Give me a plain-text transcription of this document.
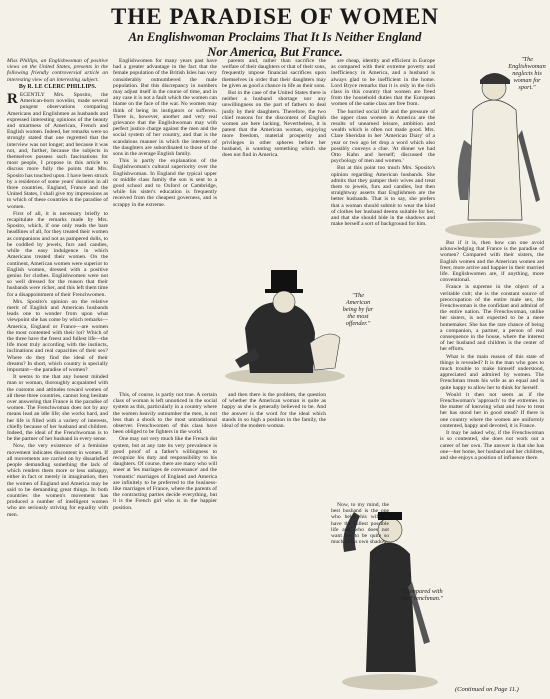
THE PARADISE OF WOMEN
An Englishwoman Proclaims That It Is Neither England
Nor America, But France.

Miss Phillips, an Englishwoman of positive views on the United States, presents in the following friendly controversial article an interesting view of an interesting subject.

By R. LE CLERC PHILLIPS.

RECENTLY Mrs. Sposito, the American-born novelist, made several pungent observations comparing Americans and Englishmen as husbands and expressed interesting opinions of the beauty and smartness of American, French and English women. Indeed, her remarks were so strongly stated that one regretted that the interview was not longer; and because it was not, and, further, because the subjects in themselves possess such fascinations for most people, I propose in this article to discuss more fully the points that Mrs. Sposito has touched upon. I have been struck by a residence of some years' duration in all three countries, England, France and the United States, I shall give my impressions as to which of these countries is the paradise of women.

First of all, it is necessary briefly to recapitulate the remarks made by Mrs. Sposito, which, if one only reads the bare headlines of all, for they treated their women as companions and not as pampered dolls, to be coddled by jewels, furs and candies, while the easy indulgence in which Americans treated their women. On the continent, American women were superior to English women, dressed with a positive genius for clothes. Englishwomen were not so well dressed for the reason that their husbands were richer, and this left them time for a disappointment of their Frenchwomen.

Mrs. Sposito's opinion on the relative merit of English and American husbands leads one to wonder from upon what viewpoint she has come by which remarks—America, England or France—are women the most contented with their lot? Which of the three have the freest and fullest life—the life most truly according with the instincts, inclinations and real capacities of their sex? Where do they find the ideal of their dreams? In short, which country is specially important—the paradise of women?

It seems to me that any honest minded man or woman, thoroughly acquainted with the customs and attitudes toward women of all these three countries, cannot long hesitate over answering that France is the paradise of women. The Frenchwoman does not by any means lead an idle life; she works hard, and her life is filled with a variety of interests, chiefly because of her husband and children. Indeed, the ideal of the Frenchwoman is to be the partner of her husband in every sense.

Now, the very existence of a feminine movement indicates discontent in women. If all movements are carried on by dissatisfied people demanding something the lack of which renders them more or less unhappy, either in fact or merely in imagination, then the women of England and America may be said to be demanding great things. In both countries the women's movement has produced a number of intelligent women who are seriously striving for equality with men.

Englishwomen for many years past have had a greater advantage in the fact that the female population of the British Isles has very considerably outnumbered the male population. But this discrepancy in numbers may adjust itself in the course of time, and in any case it is not a fault which the women can blame on the face of the war. No women may think of being its instigators or sufferers. There is, however, another and very real grievance that the Englishwoman may with perfect justice charge against the men and the social system of her country, and that is the scandalous manner in which the interests of the daughters are subordinated to those of the sons in the average English family.

This is partly the explanation of the Englishwoman's cultural superiority over the Englishwoman. In England the typical upper or middle class family the son is sent to a good school and to Oxford or Cambridge, while his sister's education is frequently received from the cheapest governess, and is scrappy in the extreme.

parents and, rather than sacrifice the welfare of their daughters or that of their sons, frequently impose financial sacrifices upon themselves in order that their daughters may be given as good a chance in life as their sons.

But in the case of the United States there is neither a husband shortage nor any unwillingness on the part of fathers to deal justly by their daughters. Therefore, the two chief reasons for the discontent of English women are here lacking. Nevertheless, it is patent that the American woman, enjoying more freedom, material prosperity and privileges in other spheres before her husband, is wanting something which she does not find in America.

"The American being by far the most offender."

This, of course, is partly not true. A certain class of woman is left unnoticed in the social system as this, particularly in a country where the women heavily outnumber the men, is not less than a shock to the most untraditional observer. Frenchwomen of this class have been obliged to be fighters in the world.

One may not very much like the French dot system, but at any rate its very prevalence is good proof of a father's willingness to recognize his duty and responsibility to his daughters. Of course, there are many who will sneer at 'les mariages de convenance' and the 'romantic' marriages of England and America are infinitely to be preferred to the business-like marriages of France, where the parents of the contracting parties decide everything, but it is the French girl who is in the happier position.

and then there is the problem, the question of whether the American woman is quite as happy as she is generally believed to be. And the answer is the word for the ideal which stands in so high a position in the family, the ideal of the modern woman.

are cheap, identity and efficient in Europe as compared with their extreme poverty and inefficiency in America, and a husband is always glad to be inefficient in the home. Lord Bryce remarks that it is only in the rich class in this country that women are freed from the household duties that the European women of the same class are free from.

The hurried social life and the pressure of the upper class women in America are the results of unearned leisure, ambition and wealth which is often not made good. Mrs. Clare Sheridan in her 'American Diary' of a year or two ago let drop a word which also possibly conveys a clue. 'At dinner we had Otto Kahn and herself; discussed the psychology of men and women.'

But at this point too much Mrs. Sposito's opinion regarding American husbands. She admits that they pamper their wives and treat them to jewels, furs and candies, but then straightway asserts that Englishmen are the better husbands. That is to say, she prefers that a woman should submit to wear the kind of clothes her husband deems suitable for her, and that she should hide in the shadows and make herself a sort of background for him.

"Compared with the Frenchman."

Now, to my mind, the best husband is the one who helps his wife to have the fullest possible life and who does not want her to be quite so much of his own shadow.

"The Englishwoman neglects his woman for sport."

But if it is, then how can one avoid acknowledging that France is the paradise of women? Compared with their sisters, the English women and the American women are freer, more active and happier in their married life. Englishwomen are, if anything, more conventional.

France is supreme in the object of a veritable cult; she is the constant source of preoccupation of the entire male sex, the Frenchwoman is the confidant and admiral of the entire nation. The Frenchwoman, unlike her sisters, is not expected to be a mere homemaker. She has the rare chance of being a companion, a partner, a person of real consequence in the house, where the interest of her husband and children is the center of her efforts.

What is the main reason of this state of things is revealed? It is the man who goes to much trouble to make himself understood, appreciated and admired by women. The Frenchman treats his wife as an equal and is quite happy to allow her to think for herself.

Would it then not seem as if the Frenchwoman's 'approach' to the extremes in the matter of knowing what and how to treat her has stood her in good stead? If there is one country where the women are uniformly contented, happy and devoted, it is France.

It may be asked why, if the Frenchwoman is so contented, she does not work out a career of her own. The answer is that she has one—her home, her husband and her children, and she enjoys a position of influence there.

(Continued on Page 11.)
